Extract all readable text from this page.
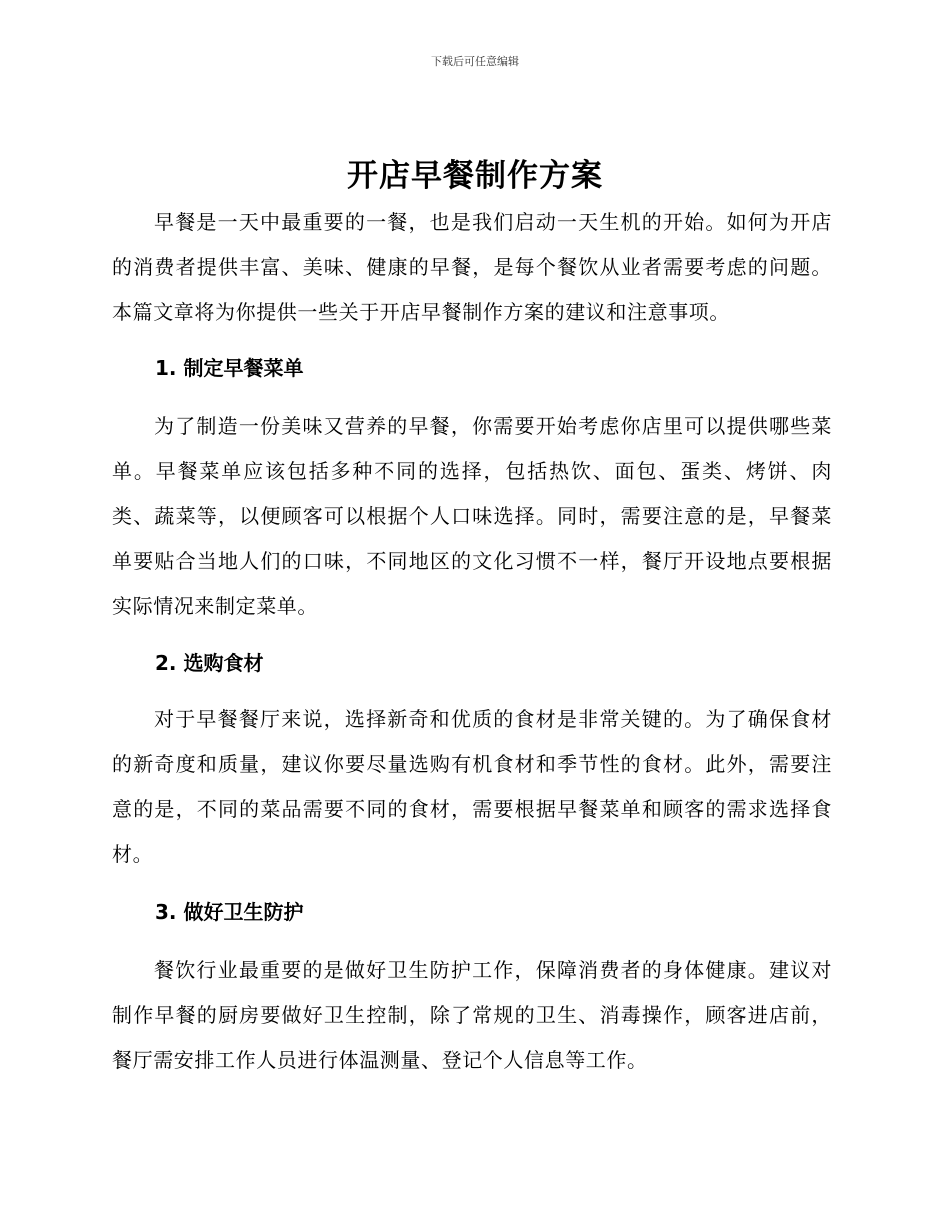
下载后可任意编辑
开店早餐制作方案

早餐是一天中最重要的一餐，也是我们启动一天生机的开始。如何为开店的消费者提供丰富、美味、健康的早餐，是每个餐饮从业者需要考虑的问题。本篇文章将为你提供一些关于开店早餐制作方案的建议和注意事项。

1. 制定早餐菜单

为了制造一份美味又营养的早餐，你需要开始考虑你店里可以提供哪些菜单。早餐菜单应该包括多种不同的选择，包括热饮、面包、蛋类、烤饼、肉类、蔬菜等，以便顾客可以根据个人口味选择。同时，需要注意的是，早餐菜单要贴合当地人们的口味，不同地区的文化习惯不一样，餐厅开设地点要根据实际情况来制定菜单。

2. 选购食材

对于早餐餐厅来说，选择新奇和优质的食材是非常关键的。为了确保食材的新奇度和质量，建议你要尽量选购有机食材和季节性的食材。此外，需要注意的是，不同的菜品需要不同的食材，需要根据早餐菜单和顾客的需求选择食材。

3. 做好卫生防护

餐饮行业最重要的是做好卫生防护工作，保障消费者的身体健康。建议对制作早餐的厨房要做好卫生控制，除了常规的卫生、消毒操作，顾客进店前，餐厅需安排工作人员进行体温测量、登记个人信息等工作。
